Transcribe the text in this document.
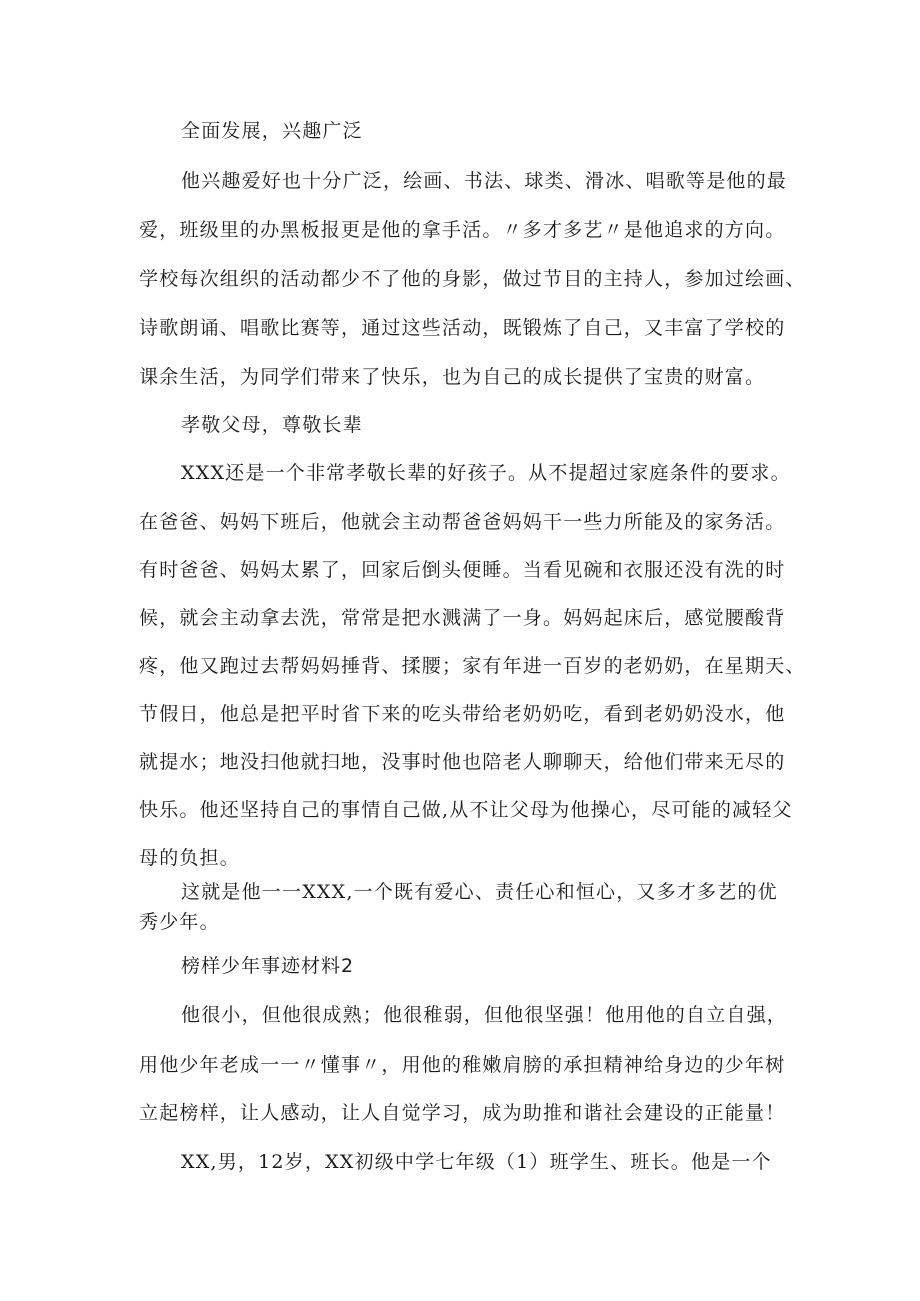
全面发展，兴趣广泛
他兴趣爱好也十分广泛，绘画、书法、球类、滑冰、唱歌等是他的最
爱，班级里的办黑板报更是他的拿手活。〃多才多艺〃是他追求的方向。
学校每次组织的活动都少不了他的身影，做过节目的主持人，参加过绘画、
诗歌朗诵、唱歌比赛等，通过这些活动，既锻炼了自己，又丰富了学校的
课余生活，为同学们带来了快乐，也为自己的成长提供了宝贵的财富。
孝敬父母，尊敬长辈
XXX还是一个非常孝敬长辈的好孩子。从不提超过家庭条件的要求。
在爸爸、妈妈下班后，他就会主动帮爸爸妈妈干一些力所能及的家务活。
有时爸爸、妈妈太累了，回家后倒头便睡。当看见碗和衣服还没有洗的时
候，就会主动拿去洗，常常是把水溅满了一身。妈妈起床后，感觉腰酸背
疼，他又跑过去帮妈妈捶背、揉腰；家有年进一百岁的老奶奶，在星期天、
节假日，他总是把平时省下来的吃头带给老奶奶吃，看到老奶奶没水，他
就提水；地没扫他就扫地，没事时他也陪老人聊聊天，给他们带来无尽的
快乐。他还坚持自己的事情自己做,从不让父母为他操心，尽可能的减轻父
母的负担。
这就是他一一XXX,一个既有爱心、责任心和恒心，又多才多艺的优
秀少年。
榜样少年事迹材料2
他很小，但他很成熟；他很稚弱，但他很坚强！他用他的自立自强，
用他少年老成一一〃懂事〃，用他的稚嫩肩膀的承担精神给身边的少年树
立起榜样，让人感动，让人自觉学习，成为助推和谐社会建设的正能量！
XX,男，12岁，XX初级中学七年级（1）班学生、班长。他是一个
